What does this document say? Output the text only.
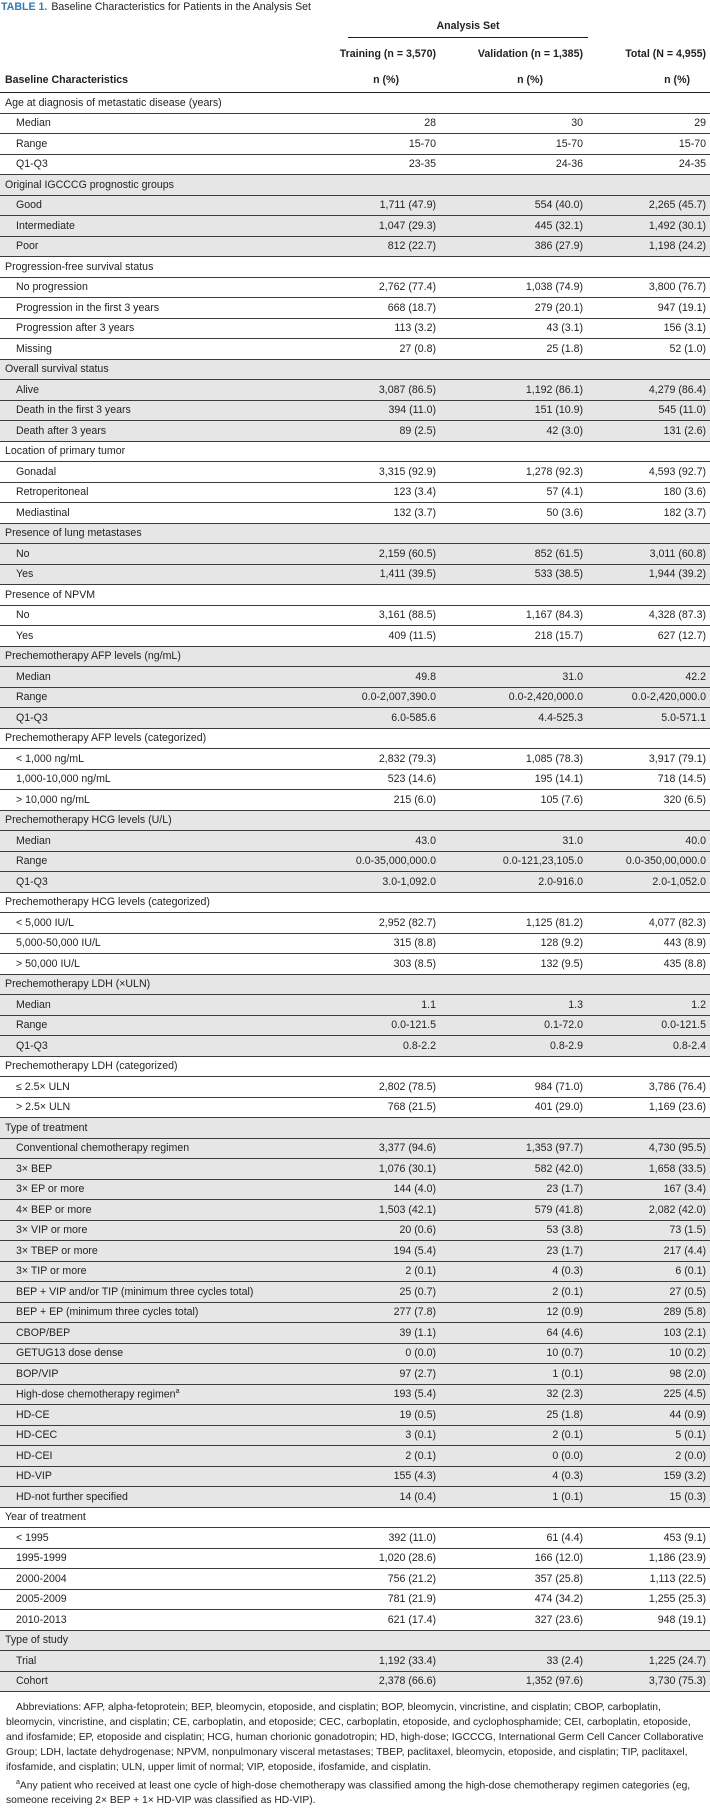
TABLE 1. Baseline Characteristics for Patients in the Analysis Set

	Analysis Set		

	Training (n = 3,570)	Validation (n = 1,385)	Total (N = 4,955)
Baseline Characteristics	n (%)	n (%)	n (%)
Age at diagnosis of metastatic disease (years)			
Median	28	30	29
Range	15-70	15-70	15-70
Q1-Q3	23-35	24-36	24-35
Original IGCCCG prognostic groups			
Good	1,711 (47.9)	554 (40.0)	2,265 (45.7)
Intermediate	1,047 (29.3)	445 (32.1)	1,492 (30.1)
Poor	812 (22.7)	386 (27.9)	1,198 (24.2)
Progression-free survival status			
No progression	2,762 (77.4)	1,038 (74.9)	3,800 (76.7)
Progression in the first 3 years	668 (18.7)	279 (20.1)	947 (19.1)
Progression after 3 years	113 (3.2)	43 (3.1)	156 (3.1)
Missing	27 (0.8)	25 (1.8)	52 (1.0)
Overall survival status			
Alive	3,087 (86.5)	1,192 (86.1)	4,279 (86.4)
Death in the first 3 years	394 (11.0)	151 (10.9)	545 (11.0)
Death after 3 years	89 (2.5)	42 (3.0)	131 (2.6)
Location of primary tumor			
Gonadal	3,315 (92.9)	1,278 (92.3)	4,593 (92.7)
Retroperitoneal	123 (3.4)	57 (4.1)	180 (3.6)
Mediastinal	132 (3.7)	50 (3.6)	182 (3.7)
Presence of lung metastases			
No	2,159 (60.5)	852 (61.5)	3,011 (60.8)
Yes	1,411 (39.5)	533 (38.5)	1,944 (39.2)
Presence of NPVM			
No	3,161 (88.5)	1,167 (84.3)	4,328 (87.3)
Yes	409 (11.5)	218 (15.7)	627 (12.7)
Prechemotherapy AFP levels (ng/mL)			
Median	49.8	31.0	42.2
Range	0.0-2,007,390.0	0.0-2,420,000.0	0.0-2,420,000.0
Q1-Q3	6.0-585.6	4.4-525.3	5.0-571.1
Prechemotherapy AFP levels (categorized)			
< 1,000 ng/mL	2,832 (79.3)	1,085 (78.3)	3,917 (79.1)
1,000-10,000 ng/mL	523 (14.6)	195 (14.1)	718 (14.5)
> 10,000 ng/mL	215 (6.0)	105 (7.6)	320 (6.5)
Prechemotherapy HCG levels (U/L)			
Median	43.0	31.0	40.0
Range	0.0-35,000,000.0	0.0-121,23,105.0	0.0-350,00,000.0
Q1-Q3	3.0-1,092.0	2.0-916.0	2.0-1,052.0
Prechemotherapy HCG levels (categorized)			
< 5,000 IU/L	2,952 (82.7)	1,125 (81.2)	4,077 (82.3)
5,000-50,000 IU/L	315 (8.8)	128 (9.2)	443 (8.9)
> 50,000 IU/L	303 (8.5)	132 (9.5)	435 (8.8)
Prechemotherapy LDH (×ULN)			
Median	1.1	1.3	1.2
Range	0.0-121.5	0.1-72.0	0.0-121.5
Q1-Q3	0.8-2.2	0.8-2.9	0.8-2.4
Prechemotherapy LDH (categorized)			
≤ 2.5× ULN	2,802 (78.5)	984 (71.0)	3,786 (76.4)
> 2.5× ULN	768 (21.5)	401 (29.0)	1,169 (23.6)
Type of treatment			
Conventional chemotherapy regimen	3,377 (94.6)	1,353 (97.7)	4,730 (95.5)
3× BEP	1,076 (30.1)	582 (42.0)	1,658 (33.5)
3× EP or more	144 (4.0)	23 (1.7)	167 (3.4)
4× BEP or more	1,503 (42.1)	579 (41.8)	2,082 (42.0)
3× VIP or more	20 (0.6)	53 (3.8)	73 (1.5)
3× TBEP or more	194 (5.4)	23 (1.7)	217 (4.4)
3× TIP or more	2 (0.1)	4 (0.3)	6 (0.1)
BEP + VIP and/or TIP (minimum three cycles total)	25 (0.7)	2 (0.1)	27 (0.5)
BEP + EP (minimum three cycles total)	277 (7.8)	12 (0.9)	289 (5.8)
CBOP/BEP	39 (1.1)	64 (4.6)	103 (2.1)
GETUG13 dose dense	0 (0.0)	10 (0.7)	10 (0.2)
BOP/VIP	97 (2.7)	1 (0.1)	98 (2.0)
High-dose chemotherapy regimen$^a$	193 (5.4)	32 (2.3)	225 (4.5)
HD-CE	19 (0.5)	25 (1.8)	44 (0.9)
HD-CEC	3 (0.1)	2 (0.1)	5 (0.1)
HD-CEI	2 (0.1)	0 (0.0)	2 (0.0)
HD-VIP	155 (4.3)	4 (0.3)	159 (3.2)
HD-not further specified	14 (0.4)	1 (0.1)	15 (0.3)
Year of treatment			
< 1995	392 (11.0)	61 (4.4)	453 (9.1)
1995-1999	1,020 (28.6)	166 (12.0)	1,186 (23.9)
2000-2004	756 (21.2)	357 (25.8)	1,113 (22.5)
2005-2009	781 (21.9)	474 (34.2)	1,255 (25.3)
2010-2013	621 (17.4)	327 (23.6)	948 (19.1)
Type of study			
Trial	1,192 (33.4)	33 (2.4)	1,225 (24.7)
Cohort	2,378 (66.6)	1,352 (97.6)	3,730 (75.3)

Abbreviations: AFP, alpha-fetoprotein; BEP, bleomycin, etoposide, and cisplatin; BOP, bleomycin, vincristine, and cisplatin; CBOP, carboplatin, bleomycin, vincristine, and cisplatin; CE, carboplatin, and etoposide; CEC, carboplatin, etoposide, and cyclophosphamide; CEI, carboplatin, etoposide, and ifosfamide; EP, etoposide and cisplatin; HCG, human chorionic gonadotropin; HD, high-dose; IGCCCG, International Germ Cell Cancer Collaborative Group; LDH, lactate dehydrogenase; NPVM, nonpulmonary visceral metastases; TBEP, paclitaxel, bleomycin, etoposide, and cisplatin; TIP, paclitaxel, ifosfamide, and cisplatin; ULN, upper limit of normal; VIP, etoposide, ifosfamide, and cisplatin.

$^a$Any patient who received at least one cycle of high-dose chemotherapy was classified among the high-dose chemotherapy regimen categories (eg, someone receiving 2× BEP + 1× HD-VIP was classified as HD-VIP).
